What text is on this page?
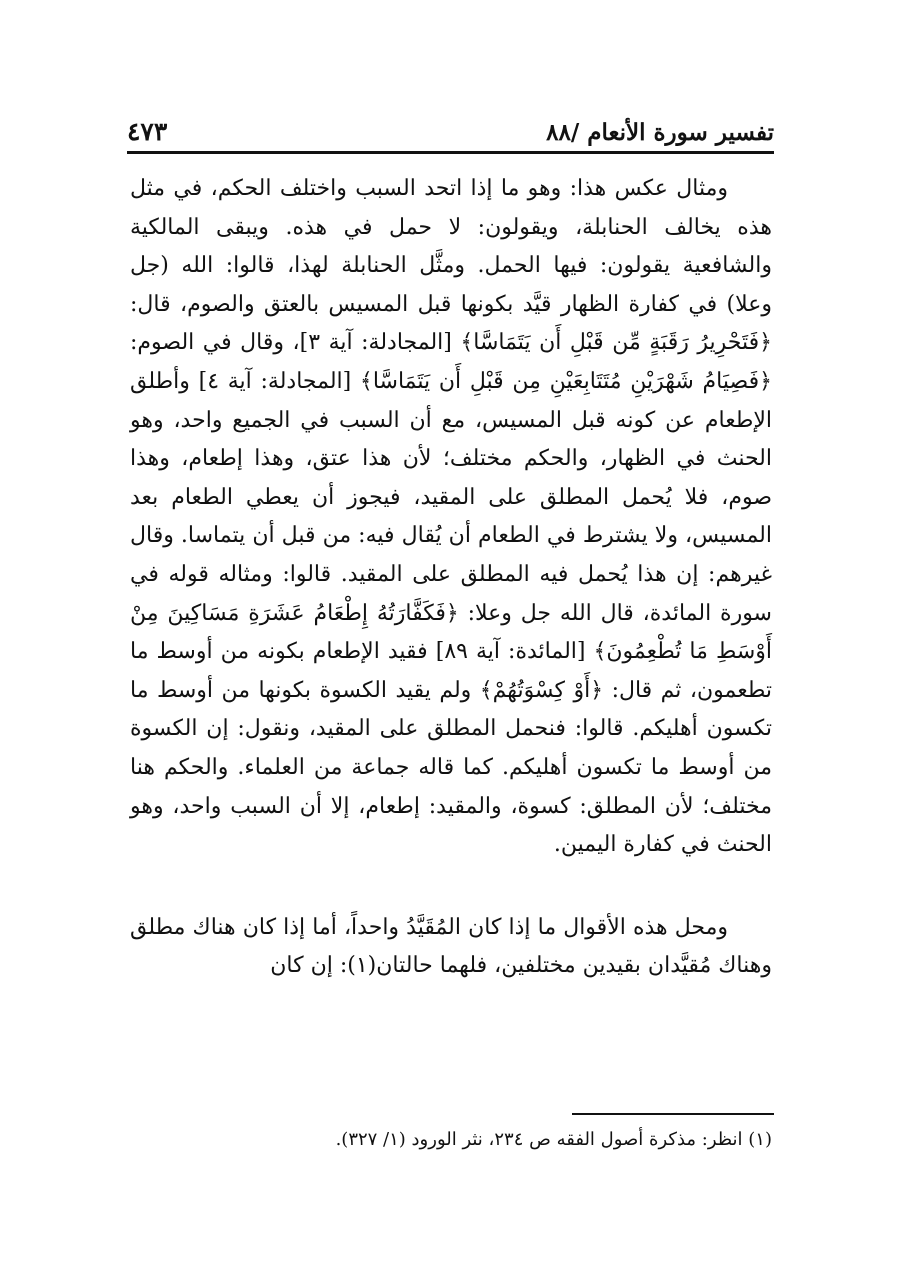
تفسير سورة الأنعام /٨٨
٤٧٣

ومثال عكس هذا: وهو ما إذا اتحد السبب واختلف الحكم، في مثل هذه يخالف الحنابلة، ويقولون: لا حمل في هذه. ويبقى المالكية والشافعية يقولون: فيها الحمل. ومثَّل الحنابلة لهذا، قالوا: الله (جل وعلا) في كفارة الظهار قيَّد بكونها قبل المسيس بالعتق والصوم، قال: ﴿فَتَحْرِيرُ رَقَبَةٍ مِّن قَبْلِ أَن يَتَمَاسَّا﴾ [المجادلة: آية ٣]، وقال في الصوم: ﴿فَصِيَامُ شَهْرَيْنِ مُتَتَابِعَيْنِ مِن قَبْلِ أَن يَتَمَاسَّا﴾ [المجادلة: آية ٤] وأطلق الإطعام عن كونه قبل المسيس، مع أن السبب في الجميع واحد، وهو الحنث في الظهار، والحكم مختلف؛ لأن هذا عتق، وهذا إطعام، وهذا صوم، فلا يُحمل المطلق على المقيد، فيجوز أن يعطي الطعام بعد المسيس، ولا يشترط في الطعام أن يُقال فيه: من قبل أن يتماسا. وقال غيرهم: إن هذا يُحمل فيه المطلق على المقيد. قالوا: ومثاله قوله في سورة المائدة، قال الله جل وعلا: ﴿فَكَفَّارَتُهُ إِطْعَامُ عَشَرَةِ مَسَاكِينَ مِنْ أَوْسَطِ مَا تُطْعِمُونَ﴾ [المائدة: آية ٨٩] فقيد الإطعام بكونه من أوسط ما تطعمون، ثم قال: ﴿أَوْ كِسْوَتُهُمْ﴾ ولم يقيد الكسوة بكونها من أوسط ما تكسون أهليكم. قالوا: فنحمل المطلق على المقيد، ونقول: إن الكسوة من أوسط ما تكسون أهليكم. كما قاله جماعة من العلماء. والحكم هنا مختلف؛ لأن المطلق: كسوة، والمقيد: إطعام، إلا أن السبب واحد، وهو الحنث في كفارة اليمين.

ومحل هذه الأقوال ما إذا كان المُقَيَّدُ واحداً، أما إذا كان هناك مطلق وهناك مُقيَّدان بقيدين مختلفين، فلهما حالتان(١): إن كان

(١) انظر: مذكرة أصول الفقه ص ٢٣٤، نثر الورود (١/ ٣٢٧).
